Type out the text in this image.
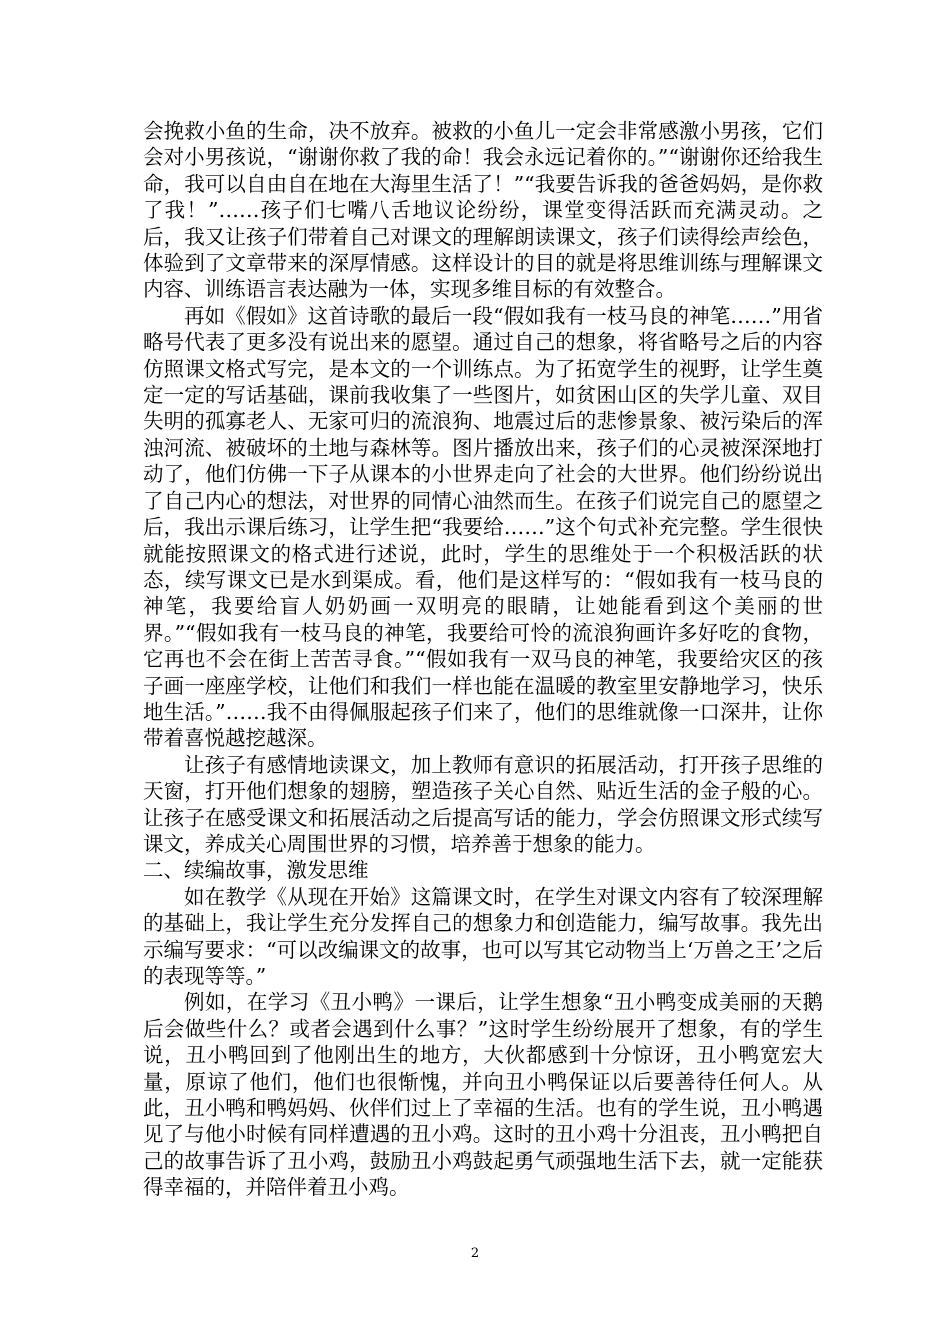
会挽救小鱼的生命，决不放弃。被救的小鱼儿一定会非常感激小男孩，它们会对小男孩说，“谢谢你救了我的命！我会永远记着你的。”“谢谢你还给我生命，我可以自由自在地在大海里生活了！”“我要告诉我的爸爸妈妈，是你救了我！”……孩子们七嘴八舌地议论纷纷，课堂变得活跃而充满灵动。之后，我又让孩子们带着自己对课文的理解朗读课文，孩子们读得绘声绘色，体验到了文章带来的深厚情感。这样设计的目的就是将思维训练与理解课文内容、训练语言表达融为一体，实现多维目标的有效整合。

再如《假如》这首诗歌的最后一段“假如我有一枝马良的神笔……”用省略号代表了更多没有说出来的愿望。通过自己的想象，将省略号之后的内容仿照课文格式写完，是本文的一个训练点。为了拓宽学生的视野，让学生奠定一定的写话基础，课前我收集了一些图片，如贫困山区的失学儿童、双目失明的孤寡老人、无家可归的流浪狗、地震过后的悲惨景象、被污染后的浑浊河流、被破坏的土地与森林等。图片播放出来，孩子们的心灵被深深地打动了，他们仿佛一下子从课本的小世界走向了社会的大世界。他们纷纷说出了自己内心的想法，对世界的同情心油然而生。在孩子们说完自己的愿望之后，我出示课后练习，让学生把“我要给……”这个句式补充完整。学生很快就能按照课文的格式进行述说，此时，学生的思维处于一个积极活跃的状态，续写课文已是水到渠成。看，他们是这样写的：“假如我有一枝马良的神笔，我要给盲人奶奶画一双明亮的眼睛，让她能看到这个美丽的世界。”“假如我有一枝马良的神笔，我要给可怜的流浪狗画许多好吃的食物，它再也不会在街上苦苦寻食。”“假如我有一双马良的神笔，我要给灾区的孩子画一座座学校，让他们和我们一样也能在温暖的教室里安静地学习，快乐地生活。”……我不由得佩服起孩子们来了，他们的思维就像一口深井，让你带着喜悦越挖越深。

让孩子有感情地读课文，加上教师有意识的拓展活动，打开孩子思维的天窗，打开他们想象的翅膀，塑造孩子关心自然、贴近生活的金子般的心。让孩子在感受课文和拓展活动之后提高写话的能力，学会仿照课文形式续写课文，养成关心周围世界的习惯，培养善于想象的能力。

二、续编故事，激发思维

如在教学《从现在开始》这篇课文时，在学生对课文内容有了较深理解的基础上，我让学生充分发挥自己的想象力和创造能力，编写故事。我先出示编写要求：“可以改编课文的故事，也可以写其它动物当上‘万兽之王’之后的表现等等。”

例如，在学习《丑小鸭》一课后，让学生想象“丑小鸭变成美丽的天鹅后会做些什么？或者会遇到什么事？”这时学生纷纷展开了想象，有的学生说，丑小鸭回到了他刚出生的地方，大伙都感到十分惊讶，丑小鸭宽宏大量，原谅了他们，他们也很惭愧，并向丑小鸭保证以后要善待任何人。从此，丑小鸭和鸭妈妈、伙伴们过上了幸福的生活。也有的学生说，丑小鸭遇见了与他小时候有同样遭遇的丑小鸡。这时的丑小鸡十分沮丧，丑小鸭把自己的故事告诉了丑小鸡，鼓励丑小鸡鼓起勇气顽强地生活下去，就一定能获得幸福的，并陪伴着丑小鸡。

2
